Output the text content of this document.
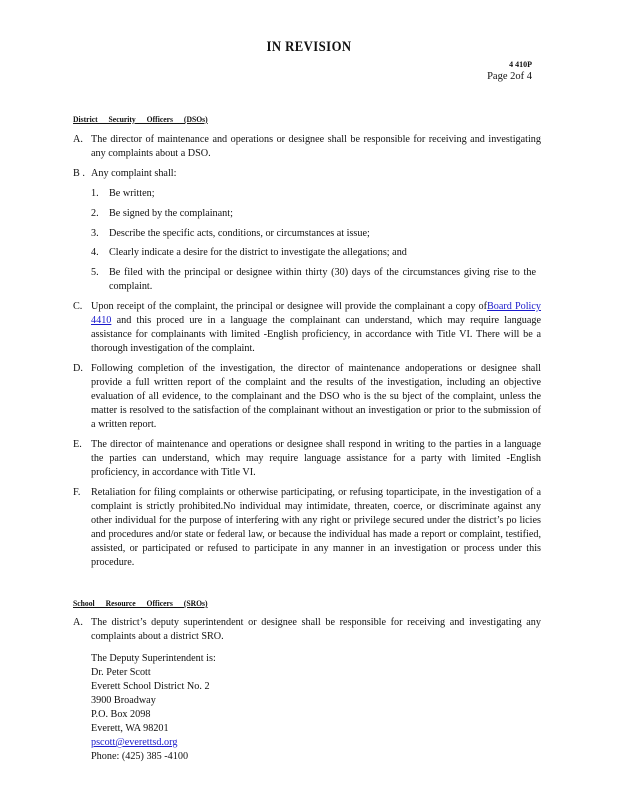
IN REVISION
4 410P
Page 2of 4
District Security Officers (DSOs)
A. The director of maintenance and operations or designee shall be responsible for receiving and investigating any complaints about a DSO.
B . Any complaint shall:
1.	Be written;
2.	Be signed by the complainant;
3.	Describe the specific acts, conditions, or circumstances at issue;
4.	Clearly indicate a desire for the district to investigate the allegations; and
5.	Be filed with the principal or designee within thirty (30) days of the circumstances giving rise to the complaint.
C. Upon receipt of the complaint, the principal or designee will provide the complainant a copy ofBoard Policy 4410 and this proced ure in a language the complainant can understand, which may require language assistance for complainants with limited -English proficiency, in accordance with Title VI. There will be a thorough investigation of the complaint.
D. Following completion of the investigation, the director of maintenance andoperations or designee shall provide a full written report of the complaint and the results of the investigation, including an objective evaluation of all evidence, to the complainant and the DSO who is the su bject of the complaint, unless the matter is resolved to the satisfaction of the complainant without an investigation or prior to the submission of a written report.
E. The director of maintenance and operations or designee shall respond in writing to the parties in a language the parties can understand, which may require language assistance for a party with limited -English proficiency, in accordance with Title VI.
F.	Retaliation for filing complaints or otherwise participating, or refusing toparticipate, in the investigation of a complaint is strictly prohibited.No individual may intimidate, threaten, coerce, or discriminate against any other individual for the purpose of interfering with any right or privilege secured under the district’s po licies and procedures and/or state or federal law, or because the individual has made a report or complaint, testified, assisted, or participated or refused to participate in any manner in an investigation or process under this procedure.
A. The district’s deputy superintendent or designee shall be responsible for receiving and investigating any complaints about a district SRO.
School Resource Officers (SROs)
The Deputy Superintendent is:
Dr. Peter Scott
Everett School District No. 2
3900 Broadway
P.O. Box 2098
Everett, WA 98201
pscott@everettsd.org
Phone: (425) 385 -4100
